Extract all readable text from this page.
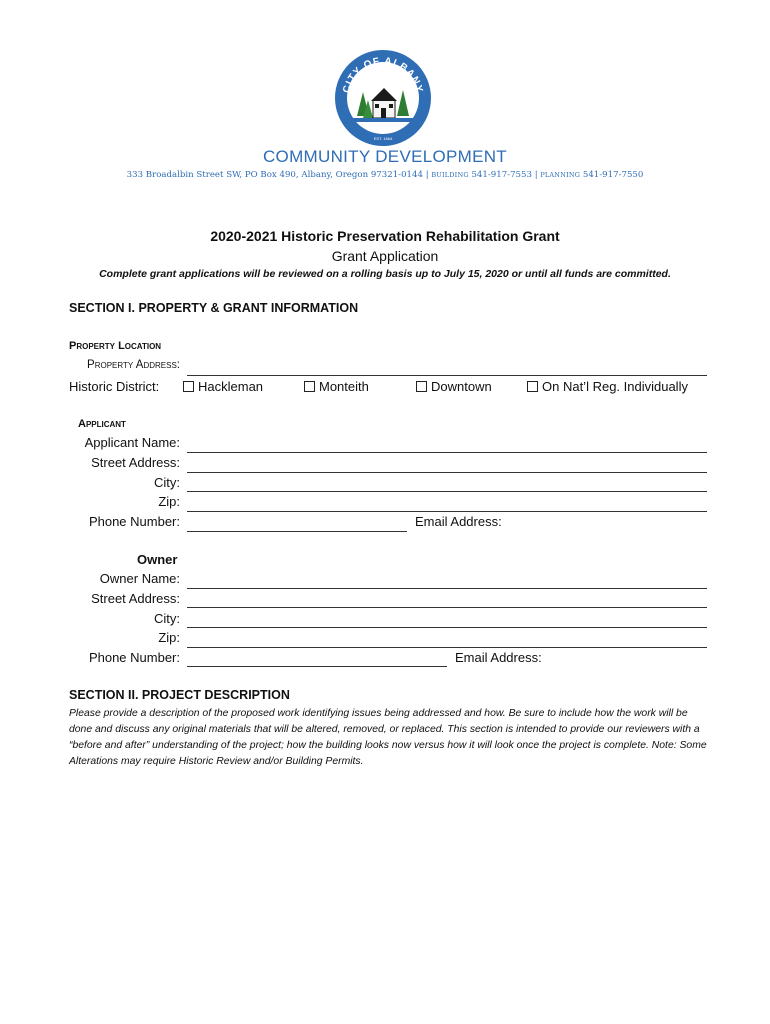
CITY OF ALBANY
OREGON
EST. 1864
COMMUNITY DEVELOPMENT
333 Broadalbin Street SW, PO Box 490, Albany, Oregon 97321-0144 | BUILDING 541-917-7553 | PLANNING 541-917-7550
2020-2021 Historic Preservation Rehabilitation Grant
Grant Application
Complete grant applications will be reviewed on a rolling basis up to July 15, 2020 or until all funds are committed.
SECTION I. PROPERTY & GRANT INFORMATION
Property Location
Property Address:
Historic District:	Hackleman	Monteith	Downtown	On Nat’l Reg. Individually
Applicant
Applicant Name:
Street Address:
City:
Zip:
Phone Number:	Email Address:
Owner
Owner Name:
Street Address:
City:
Zip:
Phone Number:	Email Address:
SECTION II. PROJECT DESCRIPTION
Please provide a description of the proposed work identifying issues being addressed and how. Be sure to include how the work will be done and discuss any original materials that will be altered, removed, or replaced. This section is intended to provide our reviewers with a “before and after” understanding of the project; how the building looks now versus how it will look once the project is complete. Note: Some Alterations may require Historic Review and/or Building Permits.
